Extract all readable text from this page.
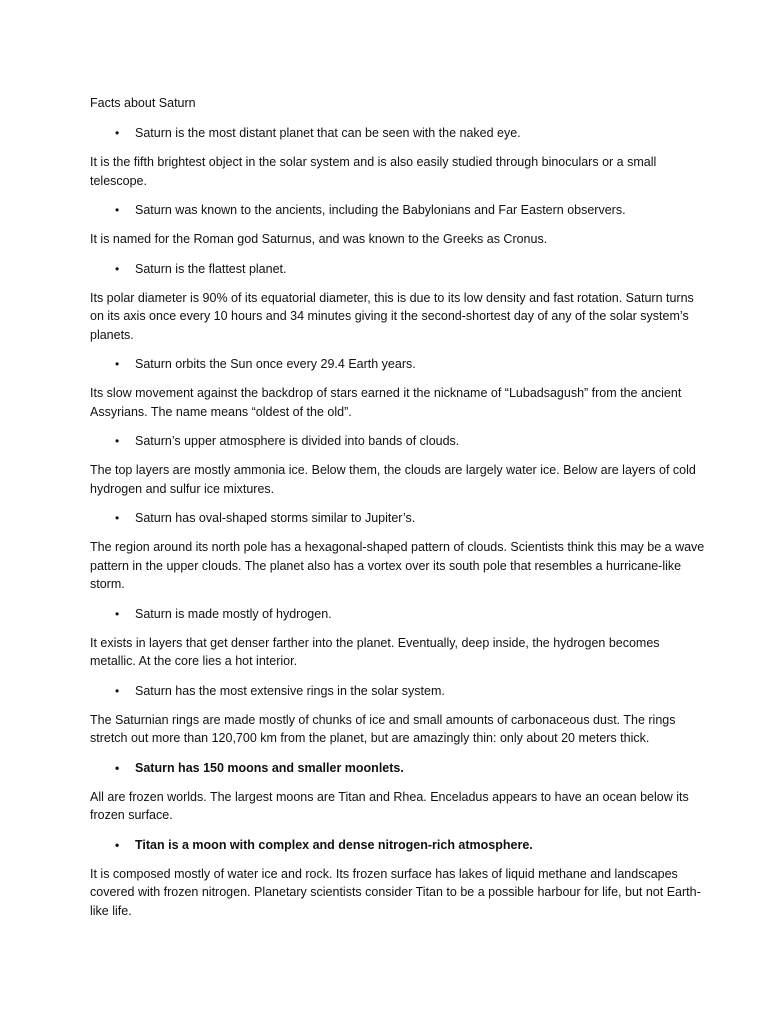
Facts about Saturn
•	Saturn is the most distant planet that can be seen with the naked eye.

It is the fifth brightest object in the solar system and is also easily studied through binoculars or a small telescope.

•	Saturn was known to the ancients, including the Babylonians and Far Eastern observers.

It is named for the Roman god Saturnus, and was known to the Greeks as Cronus.

•	Saturn is the flattest planet.

Its polar diameter is 90% of its equatorial diameter, this is due to its low density and fast rotation. Saturn turns on its axis once every 10 hours and 34 minutes giving it the second-shortest day of any of the solar system’s planets.

•	Saturn orbits the Sun once every 29.4 Earth years.

Its slow movement against the backdrop of stars earned it the nickname of “Lubadsagush” from the ancient Assyrians. The name means “oldest of the old”.

•	Saturn’s upper atmosphere is divided into bands of clouds.

The top layers are mostly ammonia ice. Below them, the clouds are largely water ice. Below are layers of cold hydrogen and sulfur ice mixtures.

•	Saturn has oval-shaped storms similar to Jupiter’s.

The region around its north pole has a hexagonal-shaped pattern of clouds. Scientists think this may be a wave pattern in the upper clouds. The planet also has a vortex over its south pole that resembles a hurricane-like storm.

•	Saturn is made mostly of hydrogen.

It exists in layers that get denser farther into the planet. Eventually, deep inside, the hydrogen becomes metallic. At the core lies a hot interior.

•	Saturn has the most extensive rings in the solar system.

The Saturnian rings are made mostly of chunks of ice and small amounts of carbonaceous dust. The rings stretch out more than 120,700 km from the planet, but are amazingly thin: only about 20 meters thick.

•	Saturn has 150 moons and smaller moonlets.

All are frozen worlds. The largest moons are Titan and Rhea. Enceladus appears to have an ocean below its frozen surface.

•	Titan is a moon with complex and dense nitrogen-rich atmosphere.

It is composed mostly of water ice and rock. Its frozen surface has lakes of liquid methane and landscapes covered with frozen nitrogen. Planetary scientists consider Titan to be a possible harbour for life, but not Earth-like life.
